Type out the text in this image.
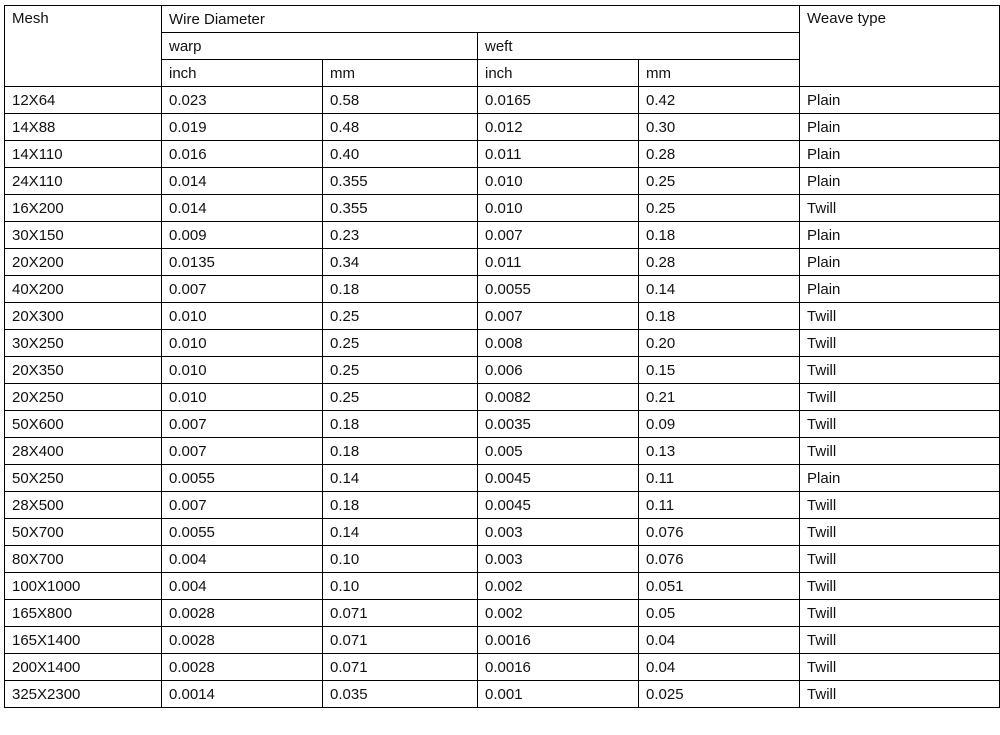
Mesh	Wire Diameter				Weave type
	warp		weft		
	inch	mm	inch	mm	
12X64	0.023	0.58	0.0165	0.42	Plain
14X88	0.019	0.48	0.012	0.30	Plain
14X110	0.016	0.40	0.011	0.28	Plain
24X110	0.014	0.355	0.010	0.25	Plain
16X200	0.014	0.355	0.010	0.25	Twill
30X150	0.009	0.23	0.007	0.18	Plain
20X200	0.0135	0.34	0.011	0.28	Plain
40X200	0.007	0.18	0.0055	0.14	Plain
20X300	0.010	0.25	0.007	0.18	Twill
30X250	0.010	0.25	0.008	0.20	Twill
20X350	0.010	0.25	0.006	0.15	Twill
20X250	0.010	0.25	0.0082	0.21	Twill
50X600	0.007	0.18	0.0035	0.09	Twill
28X400	0.007	0.18	0.005	0.13	Twill
50X250	0.0055	0.14	0.0045	0.11	Plain
28X500	0.007	0.18	0.0045	0.11	Twill
50X700	0.0055	0.14	0.003	0.076	Twill
80X700	0.004	0.10	0.003	0.076	Twill
100X1000	0.004	0.10	0.002	0.051	Twill
165X800	0.0028	0.071	0.002	0.05	Twill
165X1400	0.0028	0.071	0.0016	0.04	Twill
200X1400	0.0028	0.071	0.0016	0.04	Twill
325X2300	0.0014	0.035	0.001	0.025	Twill
